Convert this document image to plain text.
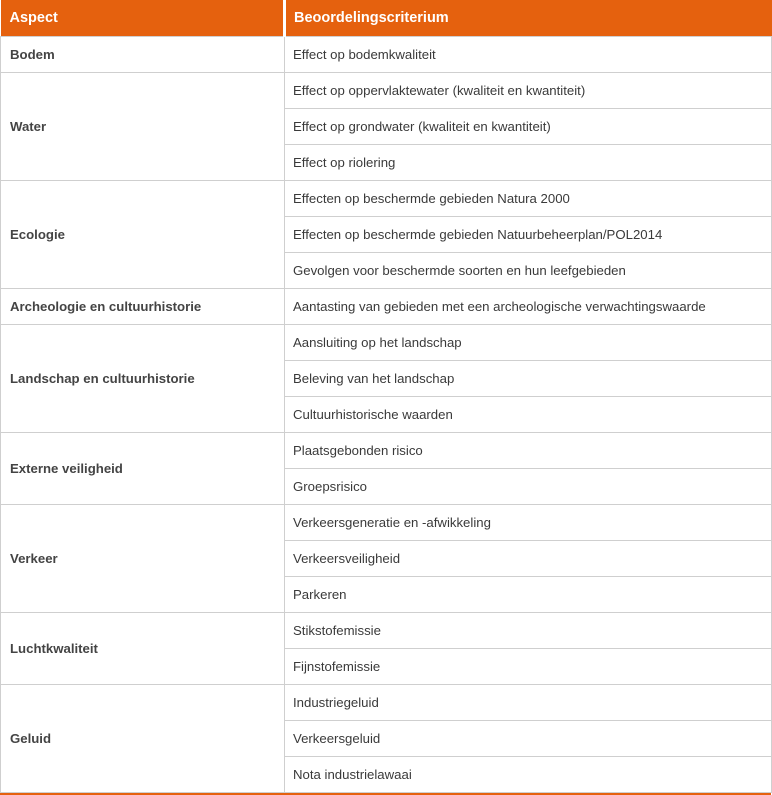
Aspect	Beoordelingscriterium
Bodem	Effect op bodemkwaliteit
Water	Effect op oppervlaktewater (kwaliteit en kwantiteit)
	Effect op grondwater (kwaliteit en kwantiteit)
	Effect op riolering
Ecologie	Effecten op beschermde gebieden Natura 2000
	Effecten op beschermde gebieden Natuurbeheerplan/POL2014
	Gevolgen voor beschermde soorten en hun leefgebieden
Archeologie en cultuurhistorie	Aantasting van gebieden met een archeologische verwachtingswaarde
Landschap en cultuurhistorie	Aansluiting op het landschap
	Beleving van het landschap
	Cultuurhistorische waarden
Externe veiligheid	Plaatsgebonden risico
	Groepsrisico
Verkeer	Verkeersgeneratie en -afwikkeling
	Verkeersveiligheid
	Parkeren
Luchtkwaliteit	Stikstofemissie
	Fijnstofemissie
Geluid	Industriegeluid
	Verkeersgeluid
	Nota industrielawaai
